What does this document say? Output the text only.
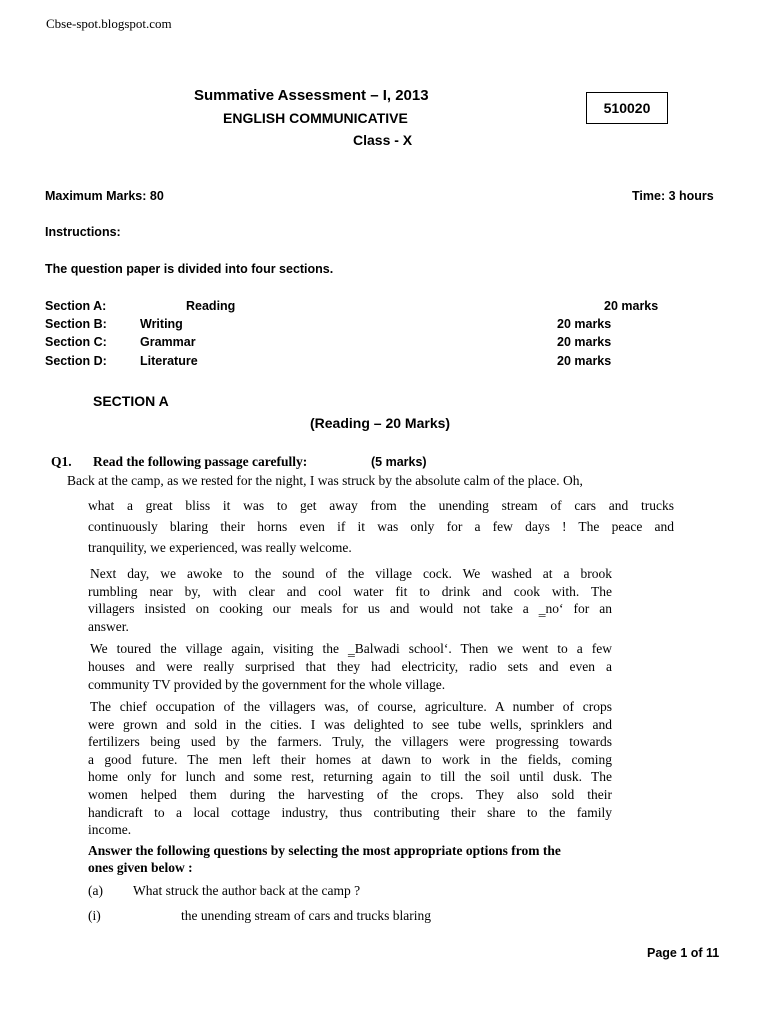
Cbse-spot.blogspot.com
Summative Assessment – I, 2013
ENGLISH COMMUNICATIVE
Class - X
510020
Maximum Marks: 80	Time: 3 hours
Instructions:
The question paper is divided into four sections.
Section A:	Reading	20 marks
Section B:	Writing	20 marks
Section C:	Grammar	20 marks
Section D:	Literature	20 marks
SECTION A
(Reading – 20 Marks)
Q1. Read the following passage carefully:	(5 marks)
Back at the camp, as we rested for the night, I was struck by the absolute calm of the place. Oh,
what a great bliss it was to get away from the unending stream of cars and trucks
continuously blaring their horns even if it was only for a few days ! The peace and
tranquility, we experienced, was really welcome.
Next day, we awoke to the sound of the village cock. We washed at a brook
rumbling near by, with clear and cool water fit to drink and cook with. The
villagers insisted on cooking our meals for us and would not take a ‗no‘ for an
answer.
We toured the village again, visiting the ‗Balwadi school‘. Then we went to a few
houses and were really surprised that they had electricity, radio sets and even a
community TV provided by the government for the whole village.
The chief occupation of the villagers was, of course, agriculture. A number of crops
were grown and sold in the cities. I was delighted to see tube wells, sprinklers and
fertilizers being used by the farmers. Truly, the villagers were progressing towards
a good future. The men left their homes at dawn to work in the fields, coming
home only for lunch and some rest, returning again to till the soil until dusk. The
women helped them during the harvesting of the crops. They also sold their
handicraft to a local cottage industry, thus contributing their share to the family
income.
Answer the following questions by selecting the most appropriate options from the
ones given below :
(a) What struck the author back at the camp ?
(i)	the unending stream of cars and trucks blaring
Page 1 of 11
